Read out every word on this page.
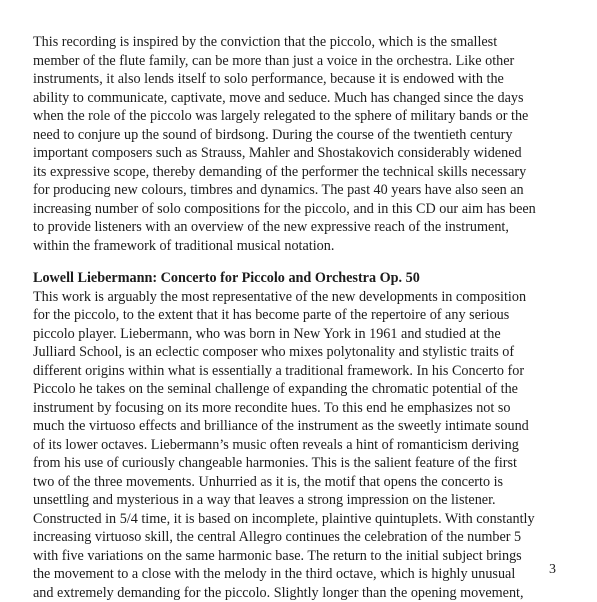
This recording is inspired by the conviction that the piccolo, which is the smallest
member of the flute family, can be more than just a voice in the orchestra. Like other
instruments, it also lends itself to solo performance, because it is endowed with the
ability to communicate, captivate, move and seduce. Much has changed since the days
when the role of the piccolo was largely relegated to the sphere of military bands or the
need to conjure up the sound of birdsong. During the course of the twentieth century
important composers such as Strauss, Mahler and Shostakovich considerably widened
its expressive scope, thereby demanding of the performer the technical skills necessary
for producing new colours, timbres and dynamics. The past 40 years have also seen an
increasing number of solo compositions for the piccolo, and in this CD our aim has been
to provide listeners with an overview of the new expressive reach of the instrument,
within the framework of traditional musical notation.
Lowell Liebermann: Concerto for Piccolo and Orchestra Op. 50
This work is arguably the most representative of the new developments in composition
for the piccolo, to the extent that it has become parte of the repertoire of any serious
piccolo player. Liebermann, who was born in New York in 1961 and studied at the
Julliard School, is an eclectic composer who mixes polytonality and stylistic traits of
different origins within what is essentially a traditional framework. In his Concerto for
Piccolo he takes on the seminal challenge of expanding the chromatic potential of the
instrument by focusing on its more recondite hues. To this end he emphasizes not so
much the virtuoso effects and brilliance of the instrument as the sweetly intimate sound
of its lower octaves. Liebermann’s music often reveals a hint of romanticism deriving
from his use of curiously changeable harmonies. This is the salient feature of the first
two of the three movements. Unhurried as it is, the motif that opens the concerto is
unsettling and mysterious in a way that leaves a strong impression on the listener.
Constructed in 5/4 time, it is based on incomplete, plaintive quintuplets. With constantly
increasing virtuoso skill, the central Allegro continues the celebration of the number 5
with five variations on the same harmonic base. The return to the initial subject brings
the movement to a close with the melody in the third octave, which is highly unusual
and extremely demanding for the piccolo. Slightly longer than the opening movement,
3
